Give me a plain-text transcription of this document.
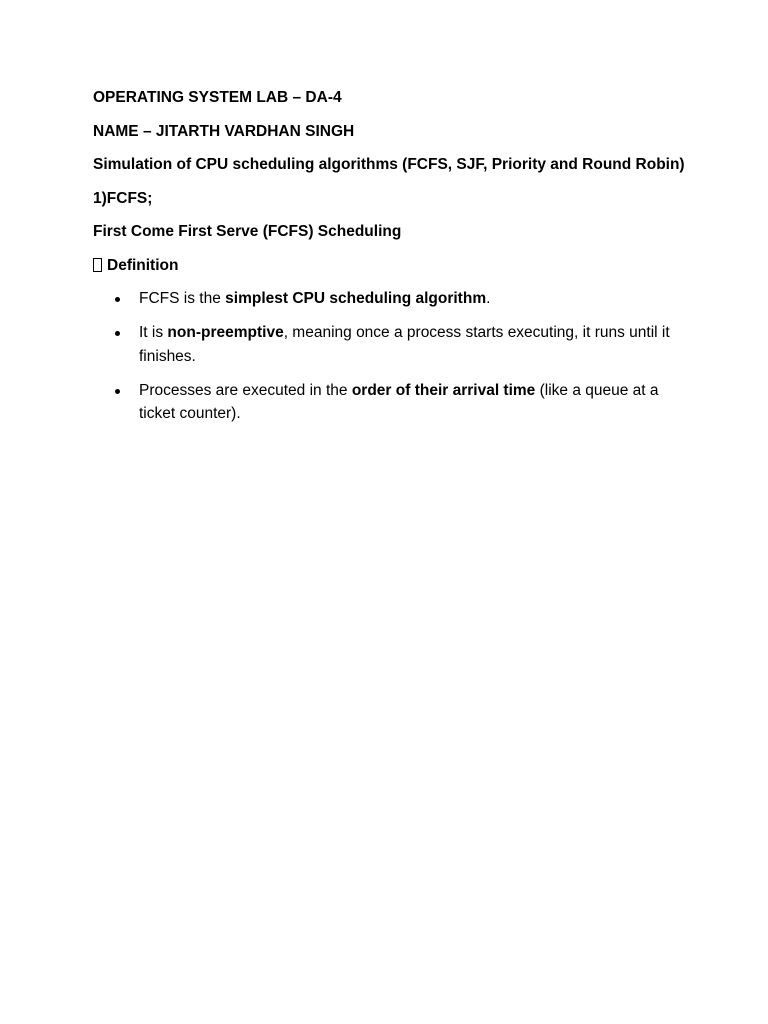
OPERATING SYSTEM LAB – DA-4

NAME – JITARTH VARDHAN SINGH

Simulation of CPU scheduling algorithms (FCFS, SJF, Priority and Round Robin)

1)FCFS;

First Come First Serve (FCFS) Scheduling

Definition

FCFS is the simplest CPU scheduling algorithm.
It is non-preemptive, meaning once a process starts executing, it runs until it finishes.
Processes are executed in the order of their arrival time (like a queue at a ticket counter).
